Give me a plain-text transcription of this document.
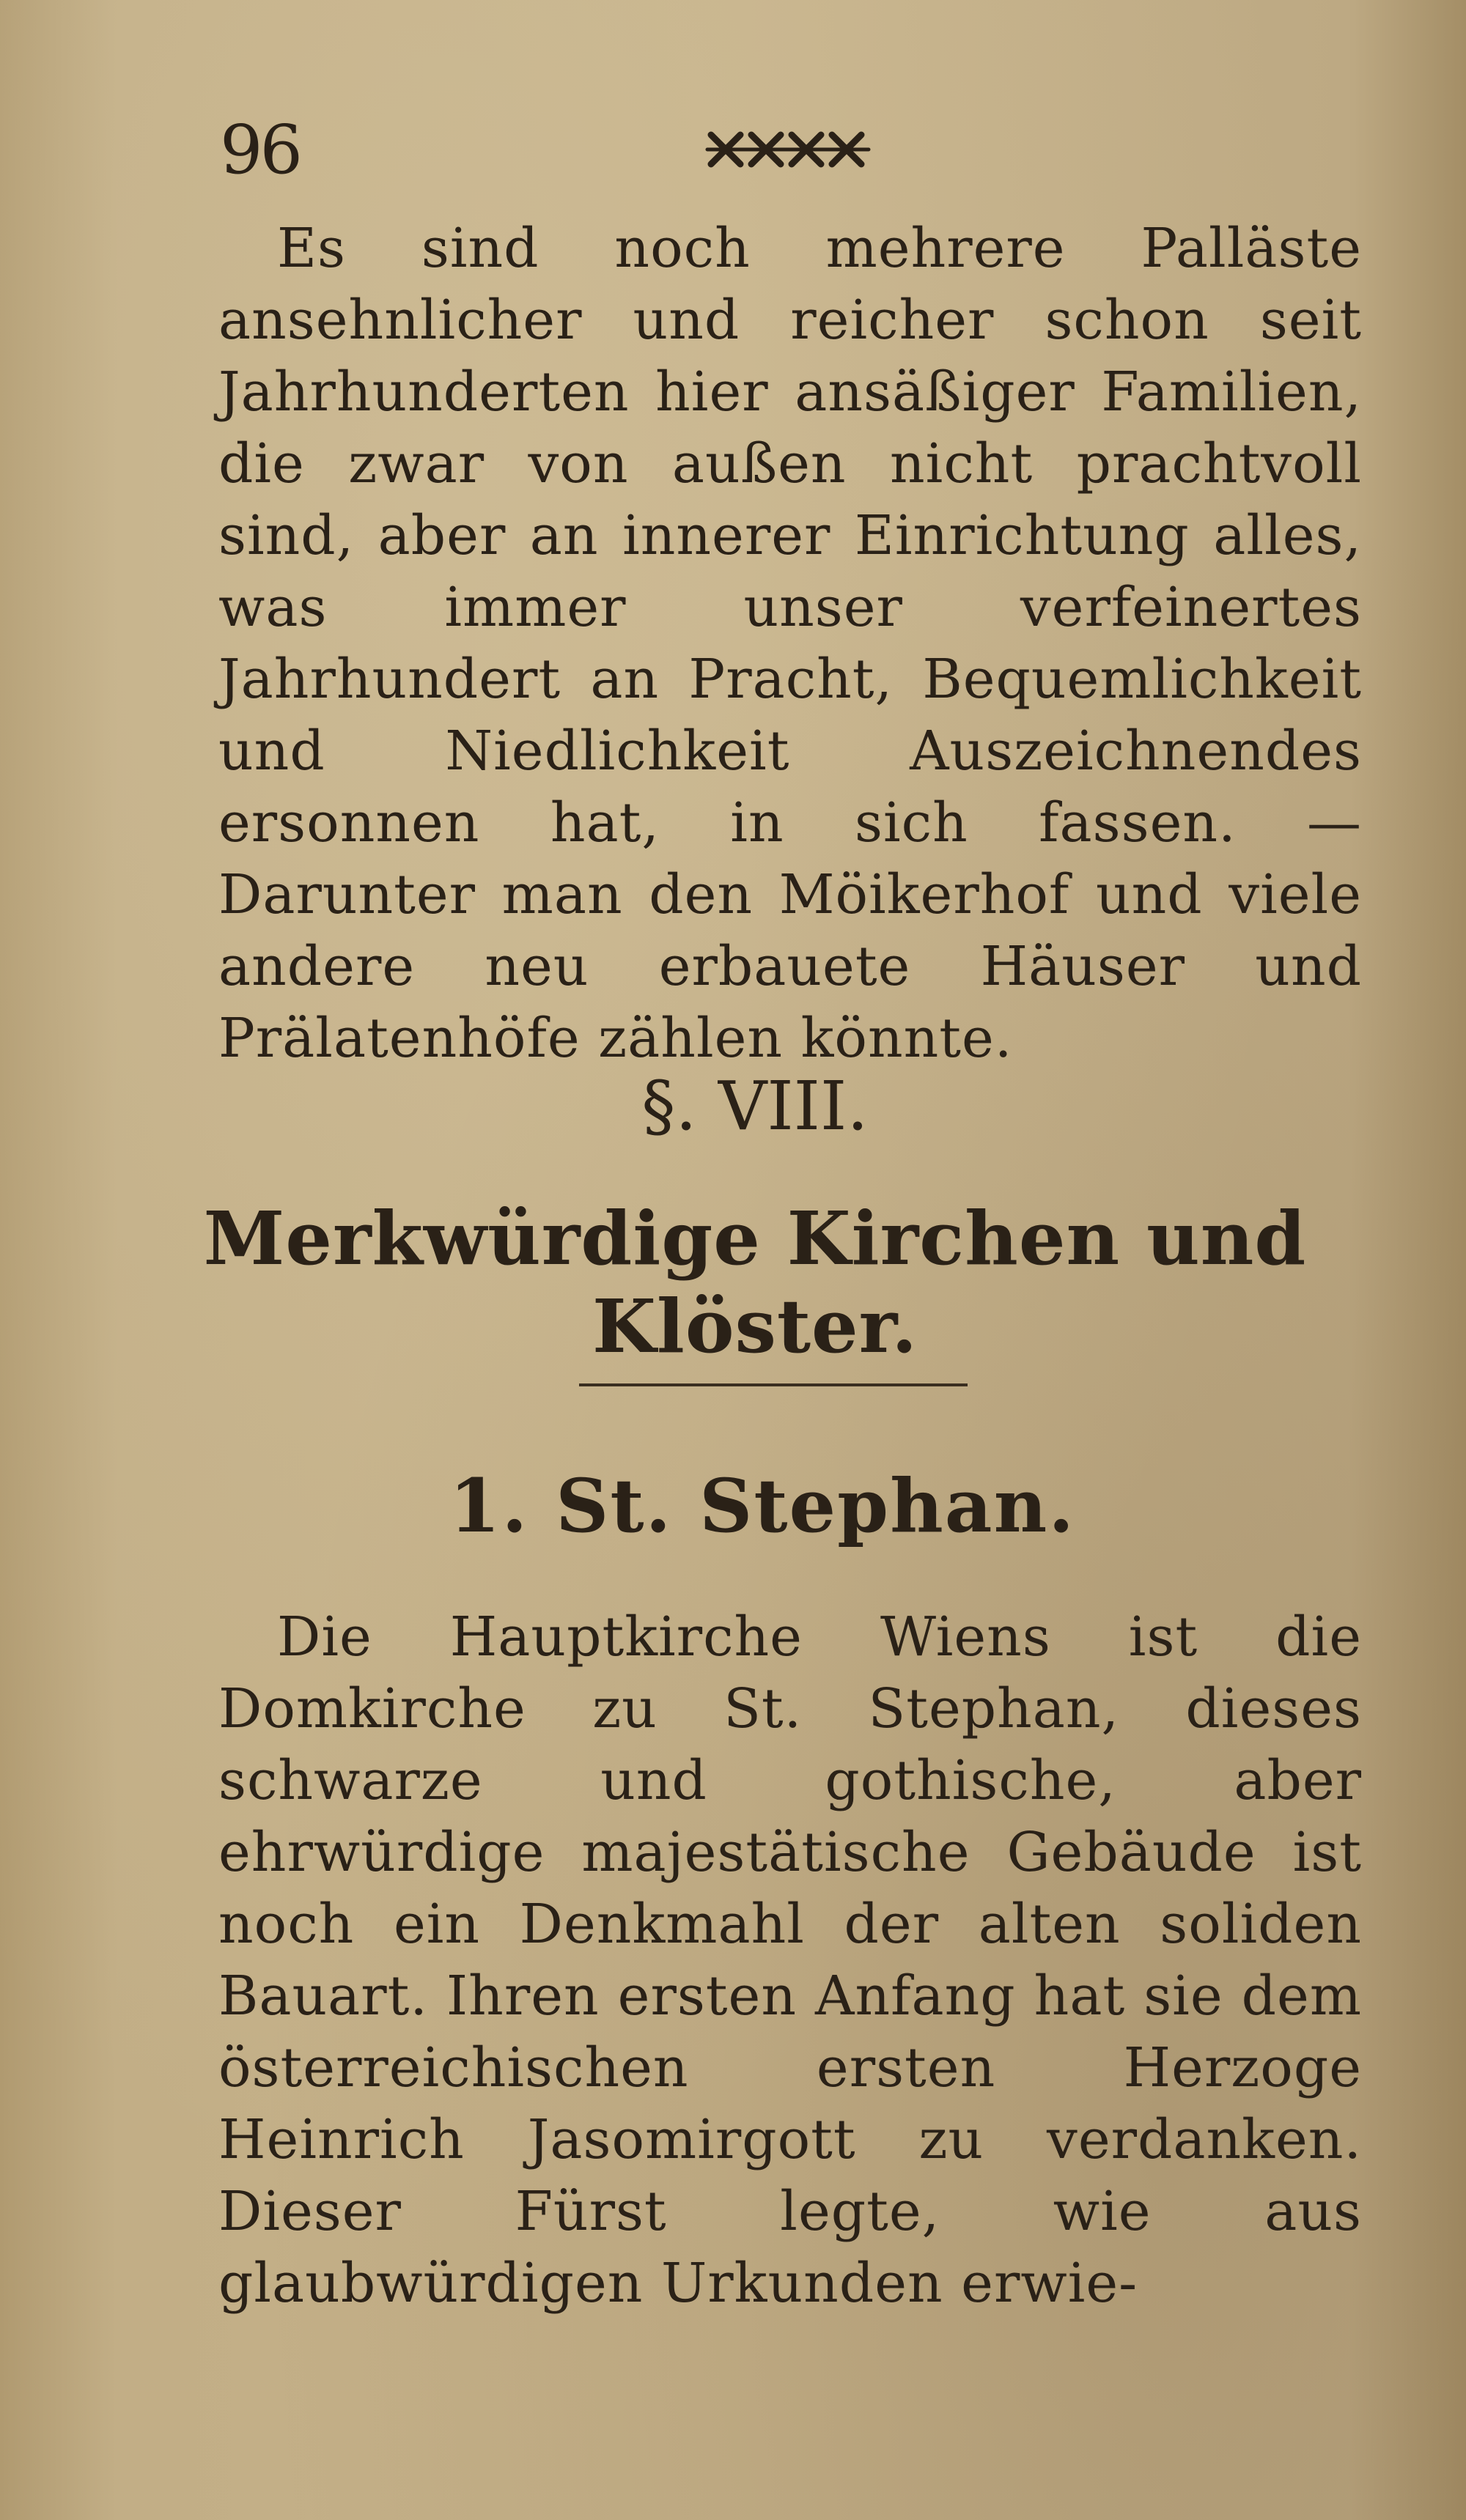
96

Es sind noch mehrere Palläste ansehnlicher und reicher schon seit Jahrhunderten hier ansäßiger Familien, die zwar von außen nicht prachtvoll sind, aber an innerer Einrichtung alles, was immer unser verfeinertes Jahrhundert an Pracht, Bequemlichkeit und Niedlichkeit Auszeichnendes ersonnen hat, in sich fassen. — Darunter man den Möikerhof und viele andere neu erbauete Häuser und Prälatenhöfe zählen könnte.

§. VIII.
Merkwürdige Kirchen und Klöster.
1. St. Stephan.

Die Hauptkirche Wiens ist die Domkirche zu St. Stephan, dieses schwarze und gothische, aber ehrwürdige majestätische Gebäude ist noch ein Denkmahl der alten soliden Bauart. Ihren ersten Anfang hat sie dem österreichischen ersten Herzoge Heinrich Jasomirgott zu verdanken. Dieser Fürst legte, wie aus glaubwürdigen Urkunden erwie-
